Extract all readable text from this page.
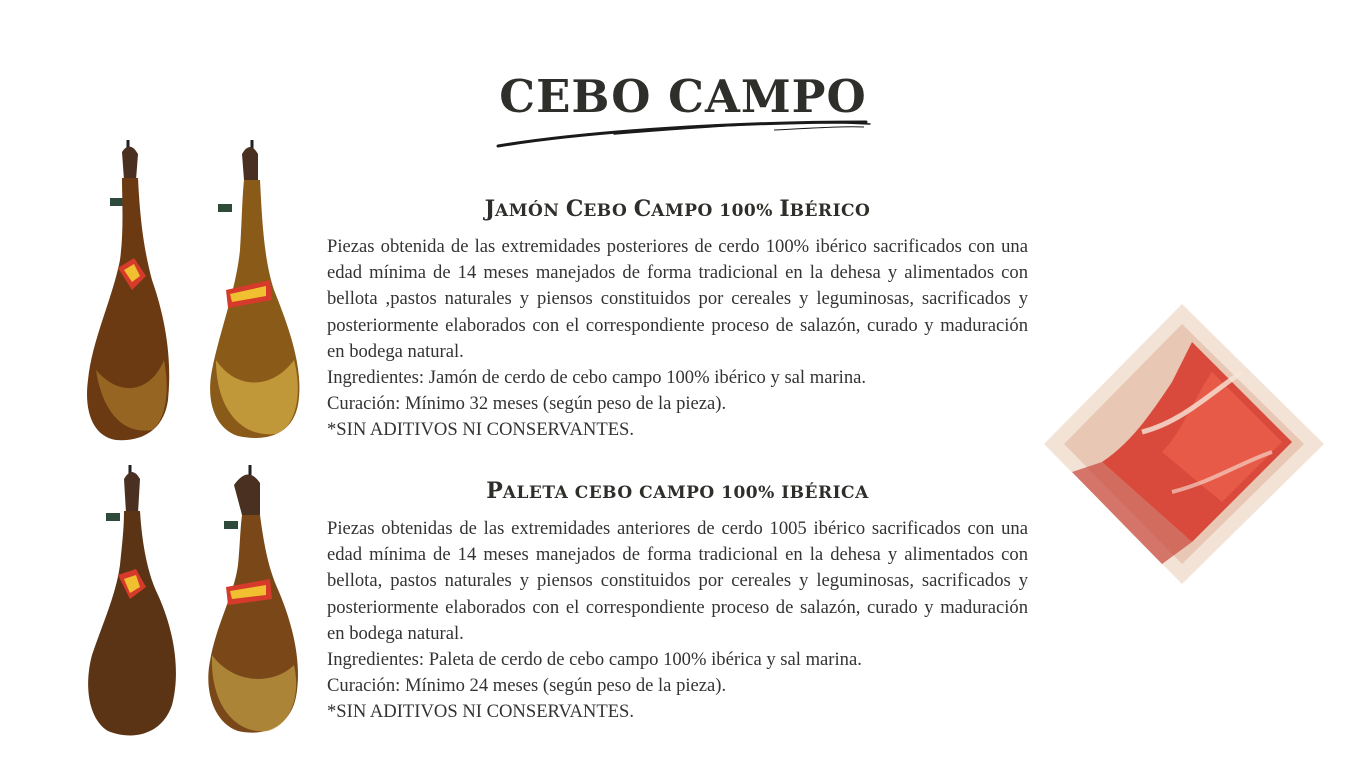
CEBO CAMPO
JAMÓN CEBO CAMPO 100% IBÉRICO

Piezas obtenida de las extremidades posteriores de cerdo 100% ibérico sacrificados con una edad mínima de 14 meses manejados de forma tradicional en la dehesa y alimentados con bellota ,pastos naturales y piensos constituidos por cereales y leguminosas, sacrificados y posteriormente elaborados con el correspondiente proceso de salazón, curado y maduración en bodega natural.

Ingredientes: Jamón de cerdo de cebo campo 100% ibérico y sal marina.

Curación: Mínimo 32 meses (según peso de la pieza).

*SIN ADITIVOS NI CONSERVANTES.

PALETA CEBO CAMPO 100% IBÉRICA

Piezas obtenidas de las extremidades anteriores de cerdo 1005 ibérico sacrificados con una edad mínima de 14 meses manejados de forma tradicional en la dehesa y alimentados con bellota, pastos naturales y piensos constituidos por cereales y leguminosas, sacrificados y posteriormente elaborados con el correspondiente proceso de salazón, curado y maduración en bodega natural.

Ingredientes: Paleta de cerdo de cebo campo 100% ibérica y sal marina.

Curación: Mínimo 24 meses (según peso de la pieza).

*SIN ADITIVOS NI CONSERVANTES.
